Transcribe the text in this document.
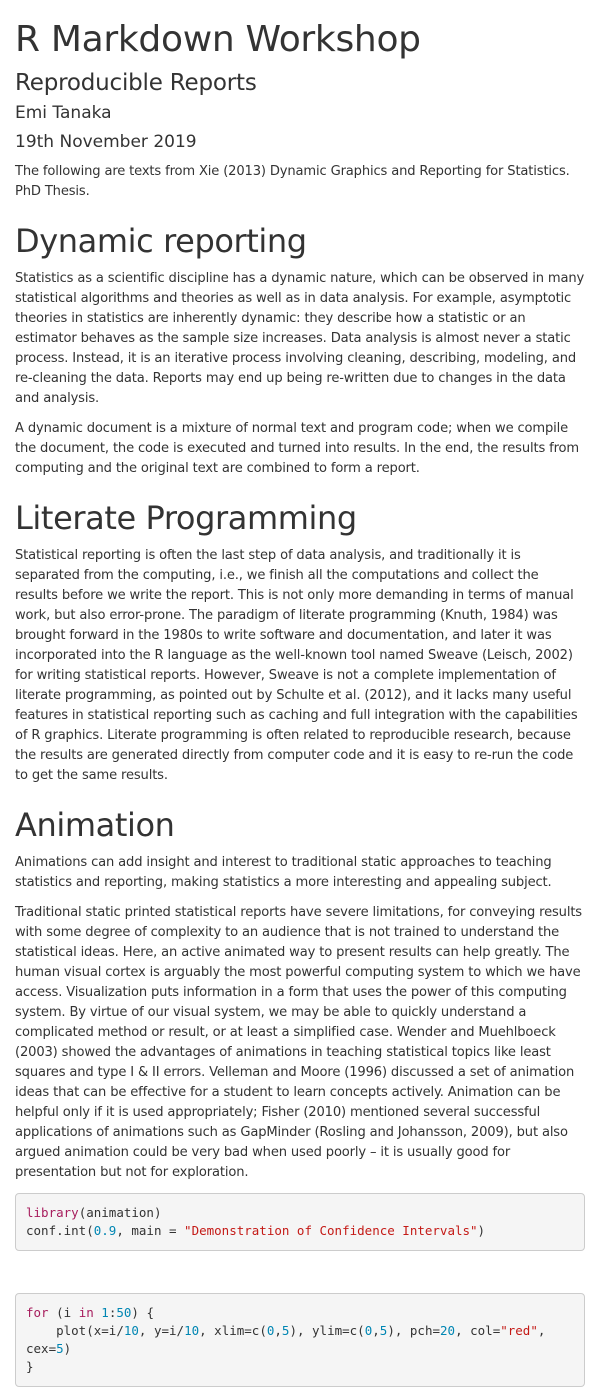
R Markdown Workshop
Reproducible Reports
Emi Tanaka
19th November 2019

The following are texts from Xie (2013) Dynamic Graphics and Reporting for Statistics. PhD Thesis.

Dynamic reporting

Statistics as a scientific discipline has a dynamic nature, which can be observed in many statistical algorithms and theories as well as in data analysis. For example, asymptotic theories in statistics are inherently dynamic: they describe how a statistic or an estimator behaves as the sample size increases. Data analysis is almost never a static process. Instead, it is an iterative process involving cleaning, describing, modeling, and re-cleaning the data. Reports may end up being re-written due to changes in the data and analysis.

A dynamic document is a mixture of normal text and program code; when we compile the document, the code is executed and turned into results. In the end, the results from computing and the original text are combined to form a report.

Literate Programming

Statistical reporting is often the last step of data analysis, and traditionally it is separated from the computing, i.e., we finish all the computations and collect the results before we write the report. This is not only more demanding in terms of manual work, but also error-prone. The paradigm of literate programming (Knuth, 1984) was brought forward in the 1980s to write software and documentation, and later it was incorporated into the R language as the well-known tool named Sweave (Leisch, 2002) for writing statistical reports. However, Sweave is not a complete implementation of literate programming, as pointed out by Schulte et al. (2012), and it lacks many useful features in statistical reporting such as caching and full integration with the capabilities of R graphics. Literate programming is often related to reproducible research, because the results are generated directly from computer code and it is easy to re-run the code to get the same results.

Animation

Animations can add insight and interest to traditional static approaches to teaching statistics and reporting, making statistics a more interesting and appealing subject.

Traditional static printed statistical reports have severe limitations, for conveying results with some degree of complexity to an audience that is not trained to understand the statistical ideas. Here, an active animated way to present results can help greatly. The human visual cortex is arguably the most powerful computing system to which we have access. Visualization puts information in a form that uses the power of this computing system. By virtue of our visual system, we may be able to quickly understand a complicated method or result, or at least a simplified case. Wender and Muehlboeck (2003) showed the advantages of animations in teaching statistical topics like least squares and type I & II errors. Velleman and Moore (1996) discussed a set of animation ideas that can be effective for a student to learn concepts actively. Animation can be helpful only if it is used appropriately; Fisher (2010) mentioned several successful applications of animations such as GapMinder (Rosling and Johansson, 2009), but also argued animation could be very bad when used poorly – it is usually good for presentation but not for exploration.

library(animation)
conf.int(0.9, main = "Demonstration of Confidence Intervals")
for (i in 1:50) {
plot(x=i/10, y=i/10, xlim=c(0,5), ylim=c(0,5), pch=20, col="red",
cex=5)
}
